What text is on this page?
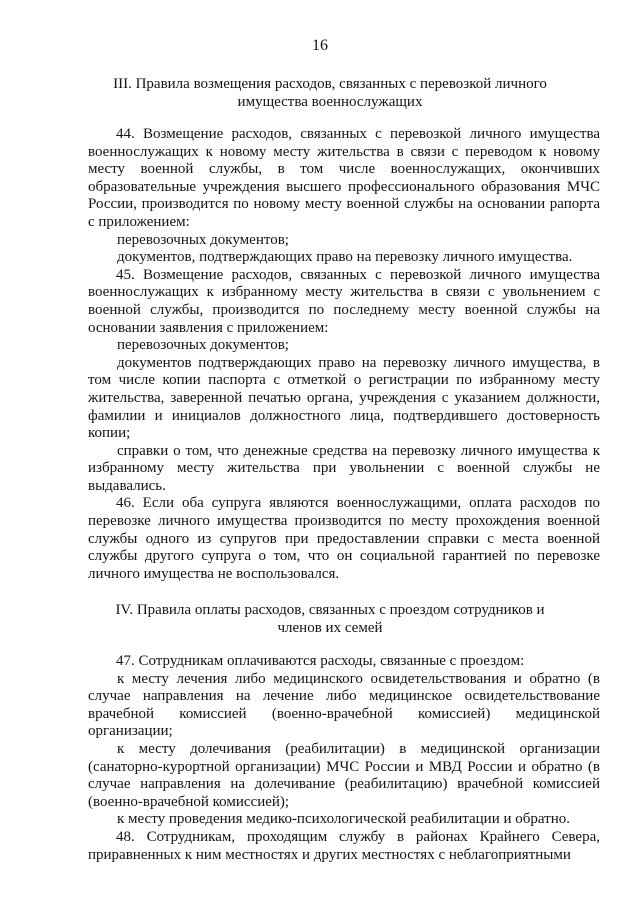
16
III. Правила возмещения расходов, связанных с перевозкой личного
имущества военнослужащих

44. Возмещение расходов, связанных с перевозкой личного имущества военнослужащих к новому месту жительства в связи с переводом к новому месту военной службы, в том числе военнослужащих, окончивших образовательные учреждения высшего профессионального образования МЧС России, производится по новому месту военной службы на основании рапорта с приложением:

перевозочных документов;

документов, подтверждающих право на перевозку личного имущества.

45. Возмещение расходов, связанных с перевозкой личного имущества военнослужащих к избранному месту жительства в связи с увольнением с военной службы, производится по последнему месту военной службы на основании заявления с приложением:

перевозочных документов;

документов подтверждающих право на перевозку личного имущества, в том числе копии паспорта с отметкой о регистрации по избранному месту жительства, заверенной печатью органа, учреждения с указанием должности, фамилии и инициалов должностного лица, подтвердившего достоверность копии;

справки о том, что денежные средства на перевозку личного имущества к избранному месту жительства при увольнении с военной службы не выдавались.

46. Если оба супруга являются военнослужащими, оплата расходов по перевозке личного имущества производится по месту прохождения военной службы одного из супругов при предоставлении справки с места военной службы другого супруга о том, что он социальной гарантией по перевозке личного имущества не воспользовался.

IV. Правила оплаты расходов, связанных с проездом сотрудников и
членов их семей

47. Сотрудникам оплачиваются расходы, связанные с проездом:

к месту лечения либо медицинского освидетельствования и обратно (в случае направления на лечение либо медицинское освидетельствование врачебной комиссией (военно-врачебной комиссией) медицинской организации;

к месту долечивания (реабилитации) в медицинской организации (санаторно-курортной организации) МЧС России и МВД России и обратно (в случае направления на долечивание (реабилитацию) врачебной комиссией (военно-врачебной комиссией);

к месту проведения медико-психологической реабилитации и обратно.

48. Сотрудникам, проходящим службу в районах Крайнего Севера, приравненных к ним местностях и других местностях с неблагоприятными
